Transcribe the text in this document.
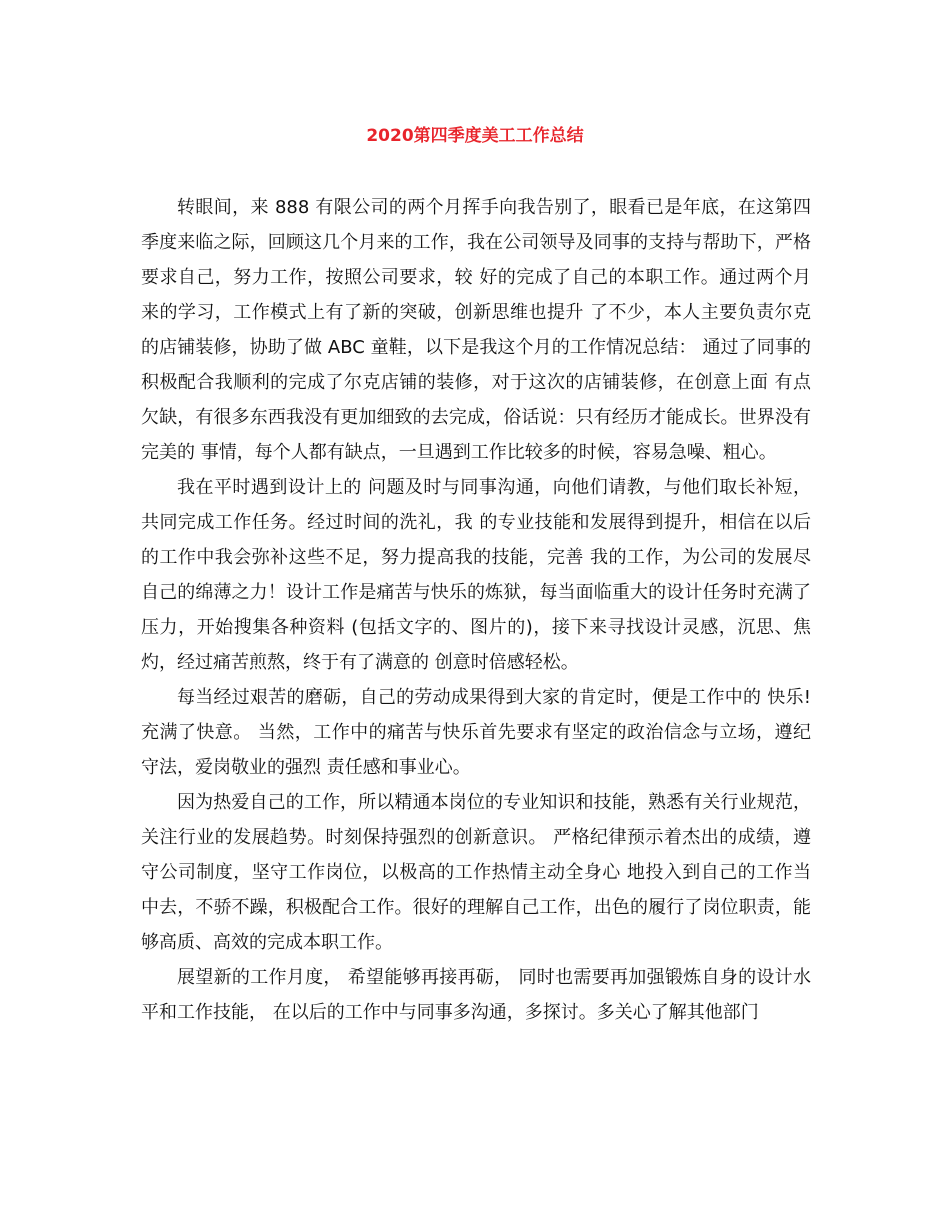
2020第四季度美工工作总结

转眼间，来 888 有限公司的两个月挥手向我告别了，眼看已是年底，在这第四季度来临之际，回顾这几个月来的工作，我在公司领导及同事的支持与帮助下，严格要求自己，努力工作，按照公司要求，较 好的完成了自己的本职工作。通过两个月来的学习，工作模式上有了新的突破，创新思维也提升 了不少，本人主要负责尔克的店铺装修，协助了做 ABC 童鞋，以下是我这个月的工作情况总结： 通过了同事的积极配合我顺利的完成了尔克店铺的装修，对于这次的店铺装修，在创意上面 有点欠缺，有很多东西我没有更加细致的去完成，俗话说：只有经历才能成长。世界没有完美的 事情，每个人都有缺点，一旦遇到工作比较多的时候，容易急噪、粗心。

我在平时遇到设计上的 问题及时与同事沟通，向他们请教，与他们取长补短，共同完成工作任务。经过时间的洗礼，我 的专业技能和发展得到提升，相信在以后的工作中我会弥补这些不足，努力提高我的技能，完善 我的工作，为公司的发展尽自己的绵薄之力！设计工作是痛苦与快乐的炼狱，每当面临重大的设计任务时充满了压力，开始搜集各种资料 (包括文字的、图片的)，接下来寻找设计灵感，沉思、焦灼，经过痛苦煎熬，终于有了满意的 创意时倍感轻松。

每当经过艰苦的磨砺，自己的劳动成果得到大家的肯定时，便是工作中的 快乐!充满了快意。 当然，工作中的痛苦与快乐首先要求有坚定的政治信念与立场，遵纪守法，爱岗敬业的强烈 责任感和事业心。

因为热爱自己的工作，所以精通本岗位的专业知识和技能，熟悉有关行业规范，关注行业的发展趋势。时刻保持强烈的创新意识。 严格纪律预示着杰出的成绩，遵守公司制度，坚守工作岗位，以极高的工作热情主动全身心 地投入到自己的工作当中去，不骄不躁，积极配合工作。很好的理解自己工作，出色的履行了岗位职责，能够高质、高效的完成本职工作。

展望新的工作月度， 希望能够再接再砺， 同时也需要再加强锻炼自身的设计水平和工作技能， 在以后的工作中与同事多沟通，多探讨。多关心了解其他部门
